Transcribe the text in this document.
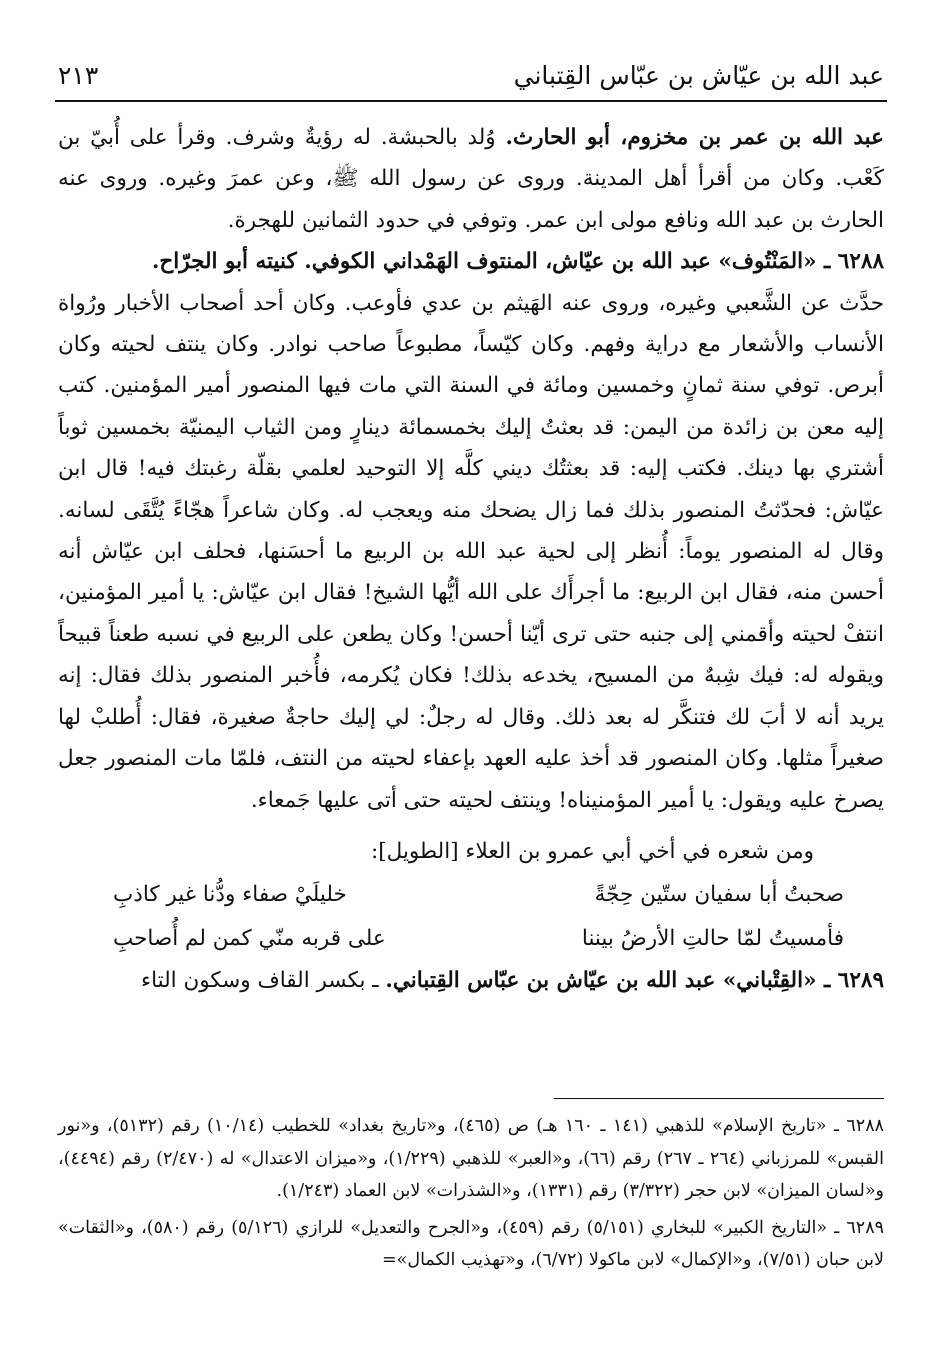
عبد الله بن عيّاش بن عبّاس القِتباني
٢١٣

عبد الله بن عمر بن مخزوم، أبو الحارث. وُلد بالحبشة. له رؤيةٌ وشرف. وقرأ على أُبيّ بن كَعْب. وكان من أقرأ أهل المدينة. وروى عن رسول الله ﷺ، وعن عمرَ وغيره. وروى عنه الحارث بن عبد الله ونافع مولى ابن عمر. وتوفي في حدود الثمانين للهجرة.

٦٢٨٨ ـ «المَنْتُوف» عبد الله بن عيّاش، المنتوف الهَمْداني الكوفي. كنيته أبو الجرّاح.

حدَّث عن الشَّعبي وغيره، وروى عنه الهَيثم بن عدي فأوعب. وكان أحد أصحاب الأخبار ورُواة الأنساب والأشعار مع دراية وفهم. وكان كيّساً، مطبوعاً صاحب نوادر. وكان ينتف لحيته وكان أبرص. توفي سنة ثمانٍ وخمسين ومائة في السنة التي مات فيها المنصور أمير المؤمنين. كتب إليه معن بن زائدة من اليمن: قد بعثتُ إليك بخمسمائة دينارٍ ومن الثياب اليمنيّة بخمسين ثوباً أشتري بها دينك. فكتب إليه: قد بعثتُك ديني كلَّه إلا التوحيد لعلمي بقلّة رغبتك فيه! قال ابن عيّاش: فحدّثتُ المنصور بذلك فما زال يضحك منه ويعجب له. وكان شاعراً هجّاءً يُتَّقَى لسانه. وقال له المنصور يوماً: أُنظر إلى لحية عبد الله بن الربيع ما أحسَنها، فحلف ابن عيّاش أنه أحسن منه، فقال ابن الربيع: ما أجرأَك على الله أيُّها الشيخ! فقال ابن عيّاش: يا أمير المؤمنين، انتفْ لحيته وأقمني إلى جنبه حتى ترى أيّنا أحسن! وكان يطعن على الربيع في نسبه طعناً قبيحاً ويقوله له: فيك شِبهٌ من المسيح، يخدعه بذلك! فكان يُكرمه، فأُخبر المنصور بذلك فقال: إنه يريد أنه لا أبَ لك فتنكَّر له بعد ذلك. وقال له رجلٌ: لي إليك حاجةٌ صغيرة، فقال: أُطلبْ لها صغيراً مثلها. وكان المنصور قد أخذ عليه العهد بإعفاء لحيته من النتف، فلمّا مات المنصور جعل يصرخ عليه ويقول: يا أمير المؤمنيناه! وينتف لحيته حتى أتى عليها جَمعاء.

ومن شعره في أخي أبي عمرو بن العلاء [الطويل]:

صحبتُ أبا سفيان ستّين حِجّةً
خليلَيْ صفاء ودُّنا غير كاذبِ
فأمسيتُ لمّا حالتِ الأرضُ بيننا
على قربه منّي كمن لم أُصاحبِ

٦٢٨٩ ـ «القِتْباني» عبد الله بن عيّاش بن عبّاس القِتباني. ـ بكسر القاف وسكون التاء

٦٢٨٨ ـ «تاريخ الإسلام» للذهبي (١٤١ ـ ١٦٠ هـ) ص (٤٦٥)، و«تاريخ بغداد» للخطيب (١٠/١٤) رقم (٥١٣٢)، و«نور القبس» للمرزباني (٢٦٤ ـ ٢٦٧) رقم (٦٦)، و«العبر» للذهبي (١/٢٢٩)، و«ميزان الاعتدال» له (٢/٤٧٠) رقم (٤٤٩٤)، و«لسان الميزان» لابن حجر (٣/٣٢٢) رقم (١٣٣١)، و«الشذرات» لابن العماد (١/٢٤٣).

٦٢٨٩ ـ «التاريخ الكبير» للبخاري (٥/١٥١) رقم (٤٥٩)، و«الجرح والتعديل» للرازي (٥/١٢٦) رقم (٥٨٠)، و«الثقات» لابن حبان (٧/٥١)، و«الإكمال» لابن ماكولا (٦/٧٢)، و«تهذيب الكمال»=
